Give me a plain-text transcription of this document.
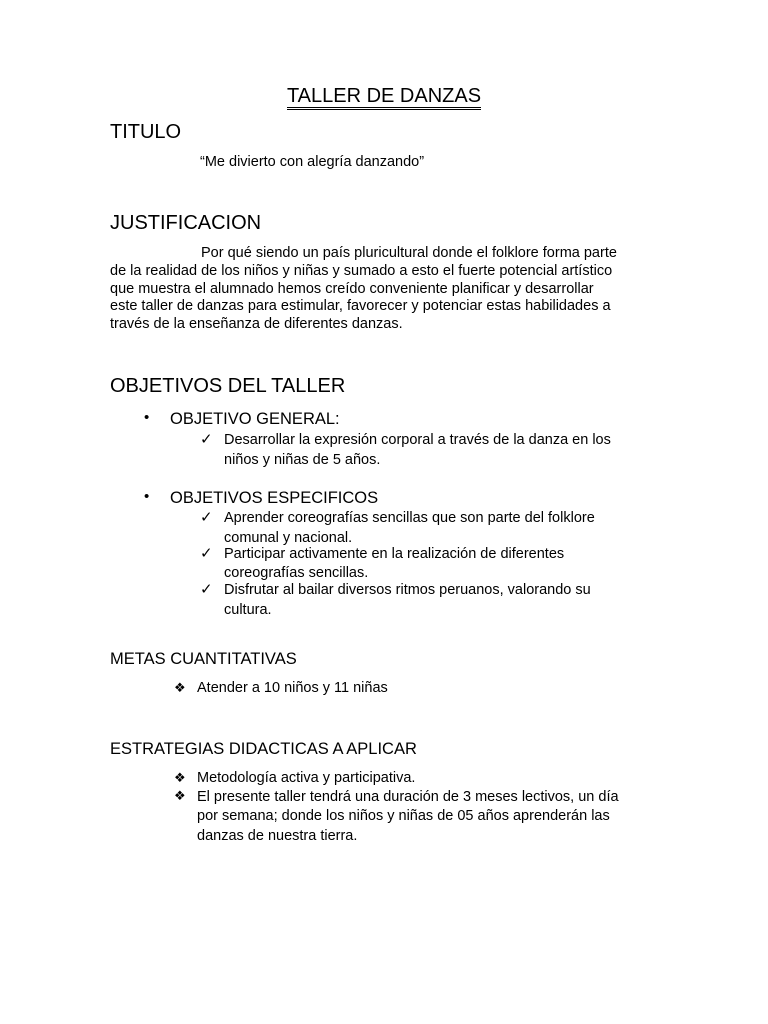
TALLER DE DANZAS
TITULO
“Me divierto con alegría danzando”
JUSTIFICACION

Por qué siendo un país pluricultural donde el folklore forma parte

de la realidad de los niños y niñas y sumado a esto el fuerte potencial artístico

que muestra el alumnado hemos creído conveniente planificar y desarrollar

este taller de danzas para estimular, favorecer y potenciar estas habilidades a

través de la enseñanza de diferentes danzas.

OBJETIVOS DEL TALLER
• OBJETIVO GENERAL:
✓ Desarrollar la expresión corporal a través de la danza en los
niños y niñas de 5 años.
• OBJETIVOS ESPECIFICOS
✓ Aprender coreografías sencillas que son parte del folklore
comunal y nacional.
✓ Participar activamente en la realización de diferentes
coreografías sencillas.
✓ Disfrutar al bailar diversos ritmos peruanos, valorando su
cultura.
METAS CUANTITATIVAS
❖ Atender a 10 niños y 11 niñas
ESTRATEGIAS DIDACTICAS A APLICAR
❖ Metodología activa y participativa.
❖ El presente taller tendrá una duración de 3 meses lectivos, un día
por semana; donde los niños y niñas de 05 años aprenderán las
danzas de nuestra tierra.
